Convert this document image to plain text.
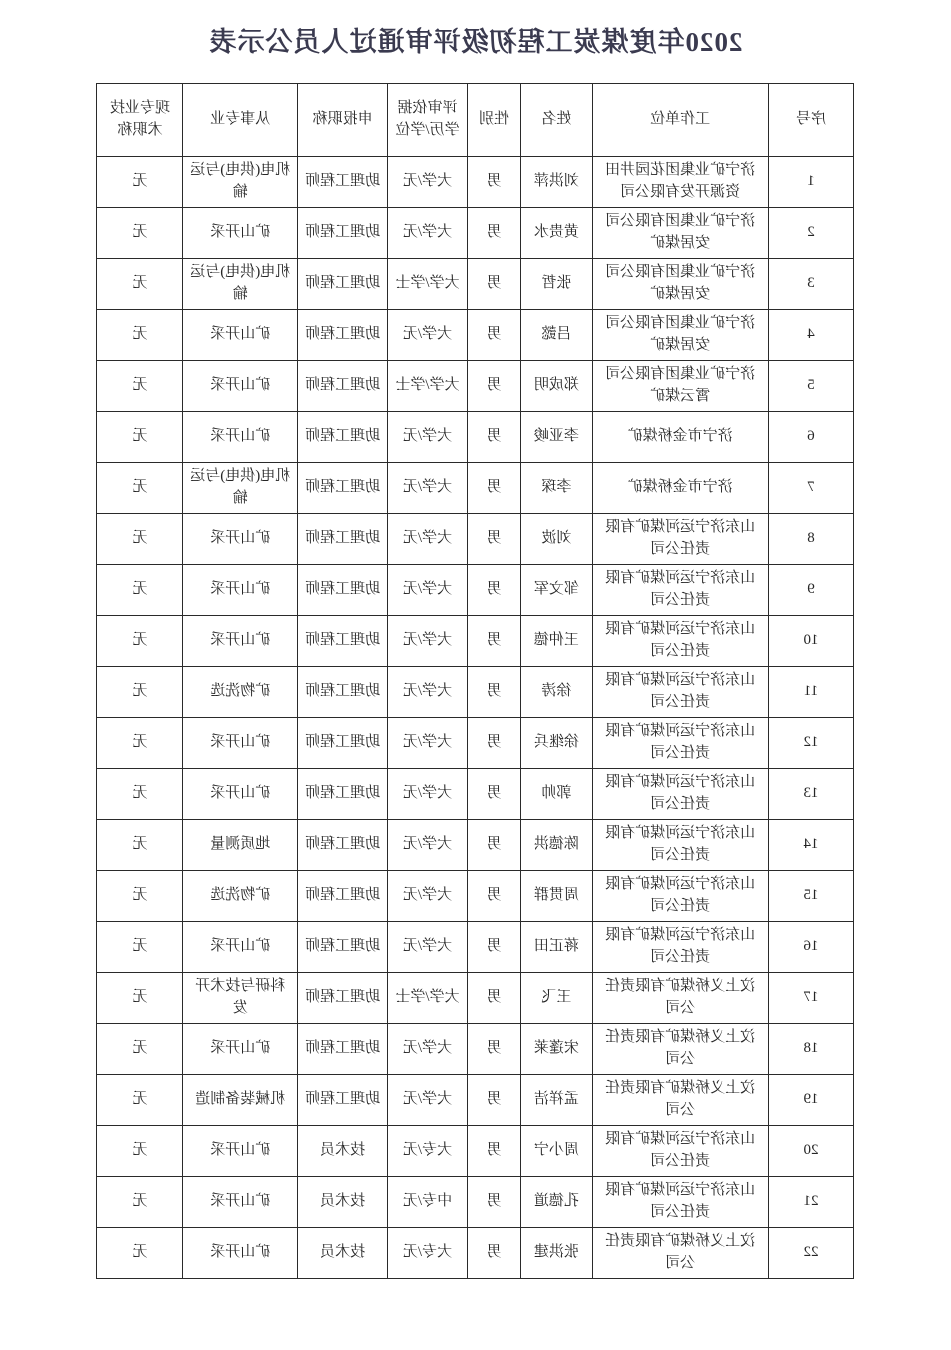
2020年度煤炭工程初级评审通过人员公示表
序号	工作单位	姓名	性别	评审依据学历/学位	申报职称	从事专业	现专业技术职称
1	济宁矿业集团花园井田资源开发有限公司	刘洪萍	男	大学/无	助理工程师	机电(供电)与运输	无
2	济宁矿业集团有限公司安居煤矿	黄贵水	男	大学/无	助理工程师	矿山开采	无
3	济宁矿业集团有限公司安居煤矿	张哲	男	大学/学士	助理工程师	机电(供电)与运输	无
4	济宁矿业集团有限公司安居煤矿	吕懿	男	大学/无	助理工程师	矿山开采	无
5	济宁矿业集团有限公司霄云煤矿	郑成明	男	大学/学士	助理工程师	矿山开采	无
6	济宁市金桥煤矿	李亚峻	男	大学/无	助理工程师	矿山开采	无
7	济宁市金桥煤矿	李琛	男	大学/无	助理工程师	机电(供电)与运输	无
8	山东济宁运河煤矿有限责任公司	刘波	男	大学/无	助理工程师	矿山开采	无
9	山东济宁运河煤矿有限责任公司	邹文军	男	大学/无	助理工程师	矿山开采	无
10	山东济宁运河煤矿有限责任公司	王仲德	男	大学/无	助理工程师	矿山开采	无
11	山东济宁运河煤矿有限责任公司	徐涛	男	大学/无	助理工程师	矿物洗选	无
12	山东济宁运河煤矿有限责任公司	徐继兵	男	大学/无	助理工程师	矿山开采	无
13	山东济宁运河煤矿有限责任公司	郭帅	男	大学/无	助理工程师	矿山开采	无
14	山东济宁运河煤矿有限责任公司	陈德洪	男	大学/无	助理工程师	地质测量	无
15	山东济宁运河煤矿有限责任公司	周贯群	男	大学/无	助理工程师	矿物洗选	无
16	山东济宁运河煤矿有限责任公司	蒋正田	男	大学/无	助理工程师	矿山开采	无
17	汶上义桥煤矿有限责任公司	王飞	男	大学/学士	助理工程师	科研与技术开发	无
18	汶上义桥煤矿有限责任公司	宋蓬莱	男	大学/无	助理工程师	矿山开采	无
19	汶上义桥煤矿有限责任公司	孟祥洁	男	大学/无	助理工程师	机械装备制造	无
20	山东济宁运河煤矿有限责任公司	周小宁	男	大专/无	技术员	矿山开采	无
21	山东济宁运河煤矿有限责任公司	孔德道	男	中专/无	技术员	矿山开采	无
22	汶上义桥煤矿有限责任公司	张洪建	男	大专/无	技术员	矿山开采	无
